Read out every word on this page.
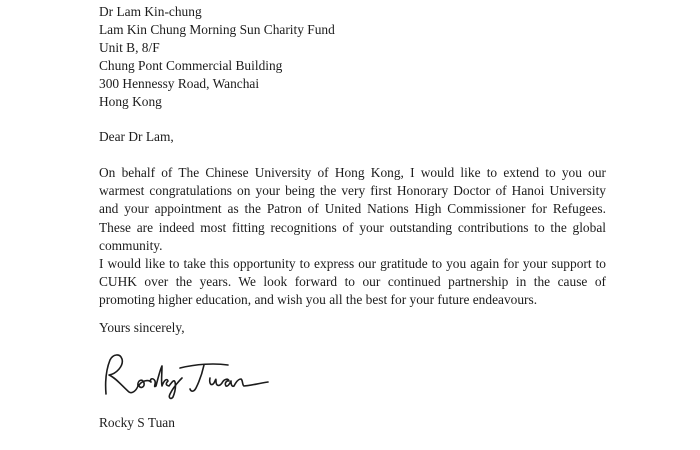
Dr Lam Kin-chung
Lam Kin Chung Morning Sun Charity Fund
Unit B, 8/F
Chung Pont Commercial Building
300 Hennessy Road, Wanchai
Hong Kong
Dear Dr Lam,

On behalf of The Chinese University of Hong Kong, I would like to extend to you our warmest congratulations on your being the very first Honorary Doctor of Hanoi University and your appointment as the Patron of United Nations High Commissioner for Refugees. These are indeed most fitting recognitions of your outstanding contributions to the global community.

I would like to take this opportunity to express our gratitude to you again for your support to CUHK over the years. We look forward to our continued partnership in the cause of promoting higher education, and wish you all the best for your future endeavours.

Yours sincerely,
Rocky S Tuan
